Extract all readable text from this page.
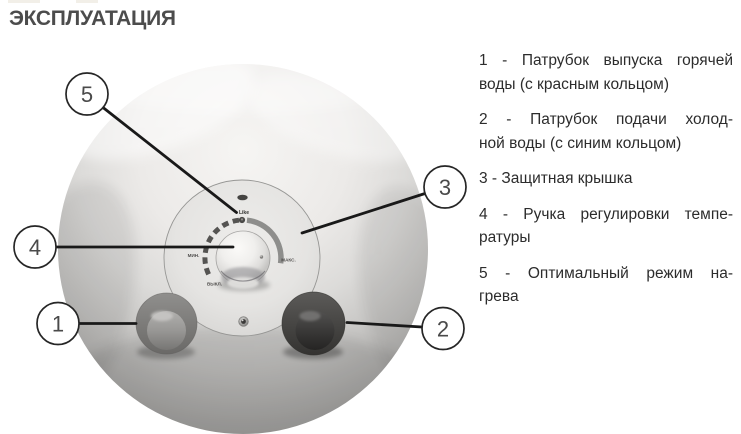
ЭКСПЛУАТАЦИЯ
Like
МИН.
МАКС.
ВЫКЛ.
5
3
4
1	2

1 - Патрубок выпуска горячей
воды (с красным кольцом)

2 - Патрубок подачи холод-
ной воды (с синим кольцом)

3 - Защитная крышка

4 - Ручка регулировки темпе-
ратуры

5 - Оптимальный режим на-
грева
